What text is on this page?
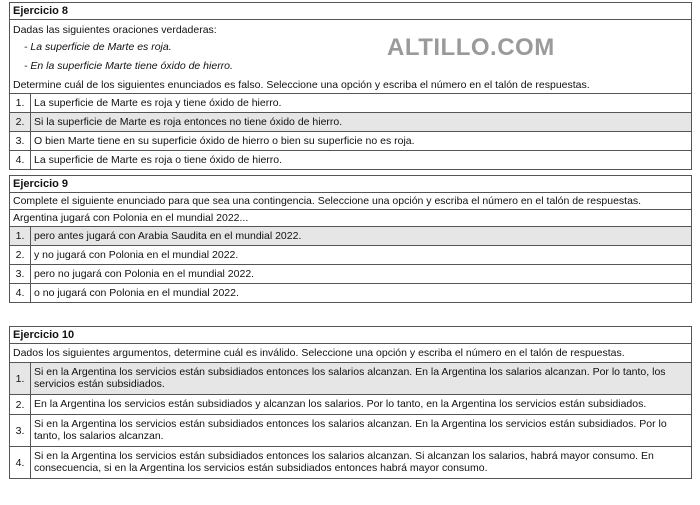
ALTILLO.COM
Ejercicio 8
Dadas las siguientes oraciones verdaderas:
- La superficie de Marte es roja.
- En la superficie Marte tiene óxido de hierro.
Determine cuál de los siguientes enunciados es falso. Seleccione una opción y escriba el número en el talón de respuestas.
1. La superficie de Marte es roja y tiene óxido de hierro.
2. Si la superficie de Marte es roja entonces no tiene óxido de hierro.
3. O bien Marte tiene en su superficie óxido de hierro o bien su superficie no es roja.
4. La superficie de Marte es roja o tiene óxido de hierro.
Ejercicio 9
Complete el siguiente enunciado para que sea una contingencia. Seleccione una opción y escriba el número en el talón de respuestas.
Argentina jugará con Polonia en el mundial 2022...
1. pero antes jugará con Arabia Saudita en el mundial 2022.
2. y no jugará con Polonia en el mundial 2022.
3. pero no jugará con Polonia en el mundial 2022.
4. o no jugará con Polonia en el mundial 2022.
Ejercicio 10
Dados los siguientes argumentos, determine cuál es inválido. Seleccione una opción y escriba el número en el talón de respuestas.
1.
Si en la Argentina los servicios están subsidiados entonces los salarios alcanzan. En la Argentina los salarios alcanzan. Por lo tanto, los servicios están subsidiados.
2. En la Argentina los servicios están subsidiados y alcanzan los salarios. Por lo tanto, en la Argentina los servicios están subsidiados.
3.
Si en la Argentina los servicios están subsidiados entonces los salarios alcanzan. En la Argentina los servicios están subsidiados. Por lo tanto, los salarios alcanzan.
4.
Si en la Argentina los servicios están subsidiados entonces los salarios alcanzan. Si alcanzan los salarios, habrá mayor consumo. En consecuencia, si en la Argentina los servicios están subsidiados entonces habrá mayor consumo.
